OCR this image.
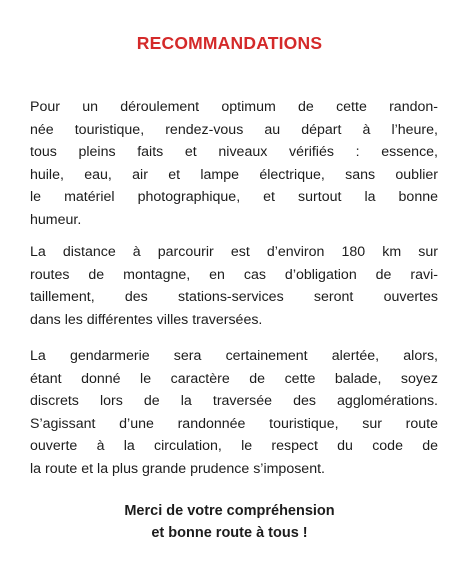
RECOMMANDATIONS

Pour un déroulement optimum de cette randon-
née touristique, rendez-vous au départ à l’heure,
tous pleins faits et niveaux vérifiés : essence,
huile, eau, air et lampe électrique, sans oublier
le matériel photographique, et surtout la bonne
humeur.

La distance à parcourir est d’environ 180 km sur
routes de montagne, en cas d’obligation de ravi-
taillement, des stations-services seront ouvertes
dans les différentes villes traversées.

La gendarmerie sera certainement alertée, alors,
étant donné le caractère de cette balade, soyez
discrets lors de la traversée des agglomérations.
S’agissant d’une randonnée touristique, sur route
ouverte à la circulation, le respect du code de
la route et la plus grande prudence s’imposent.

Merci de votre compréhension
et bonne route à tous !
